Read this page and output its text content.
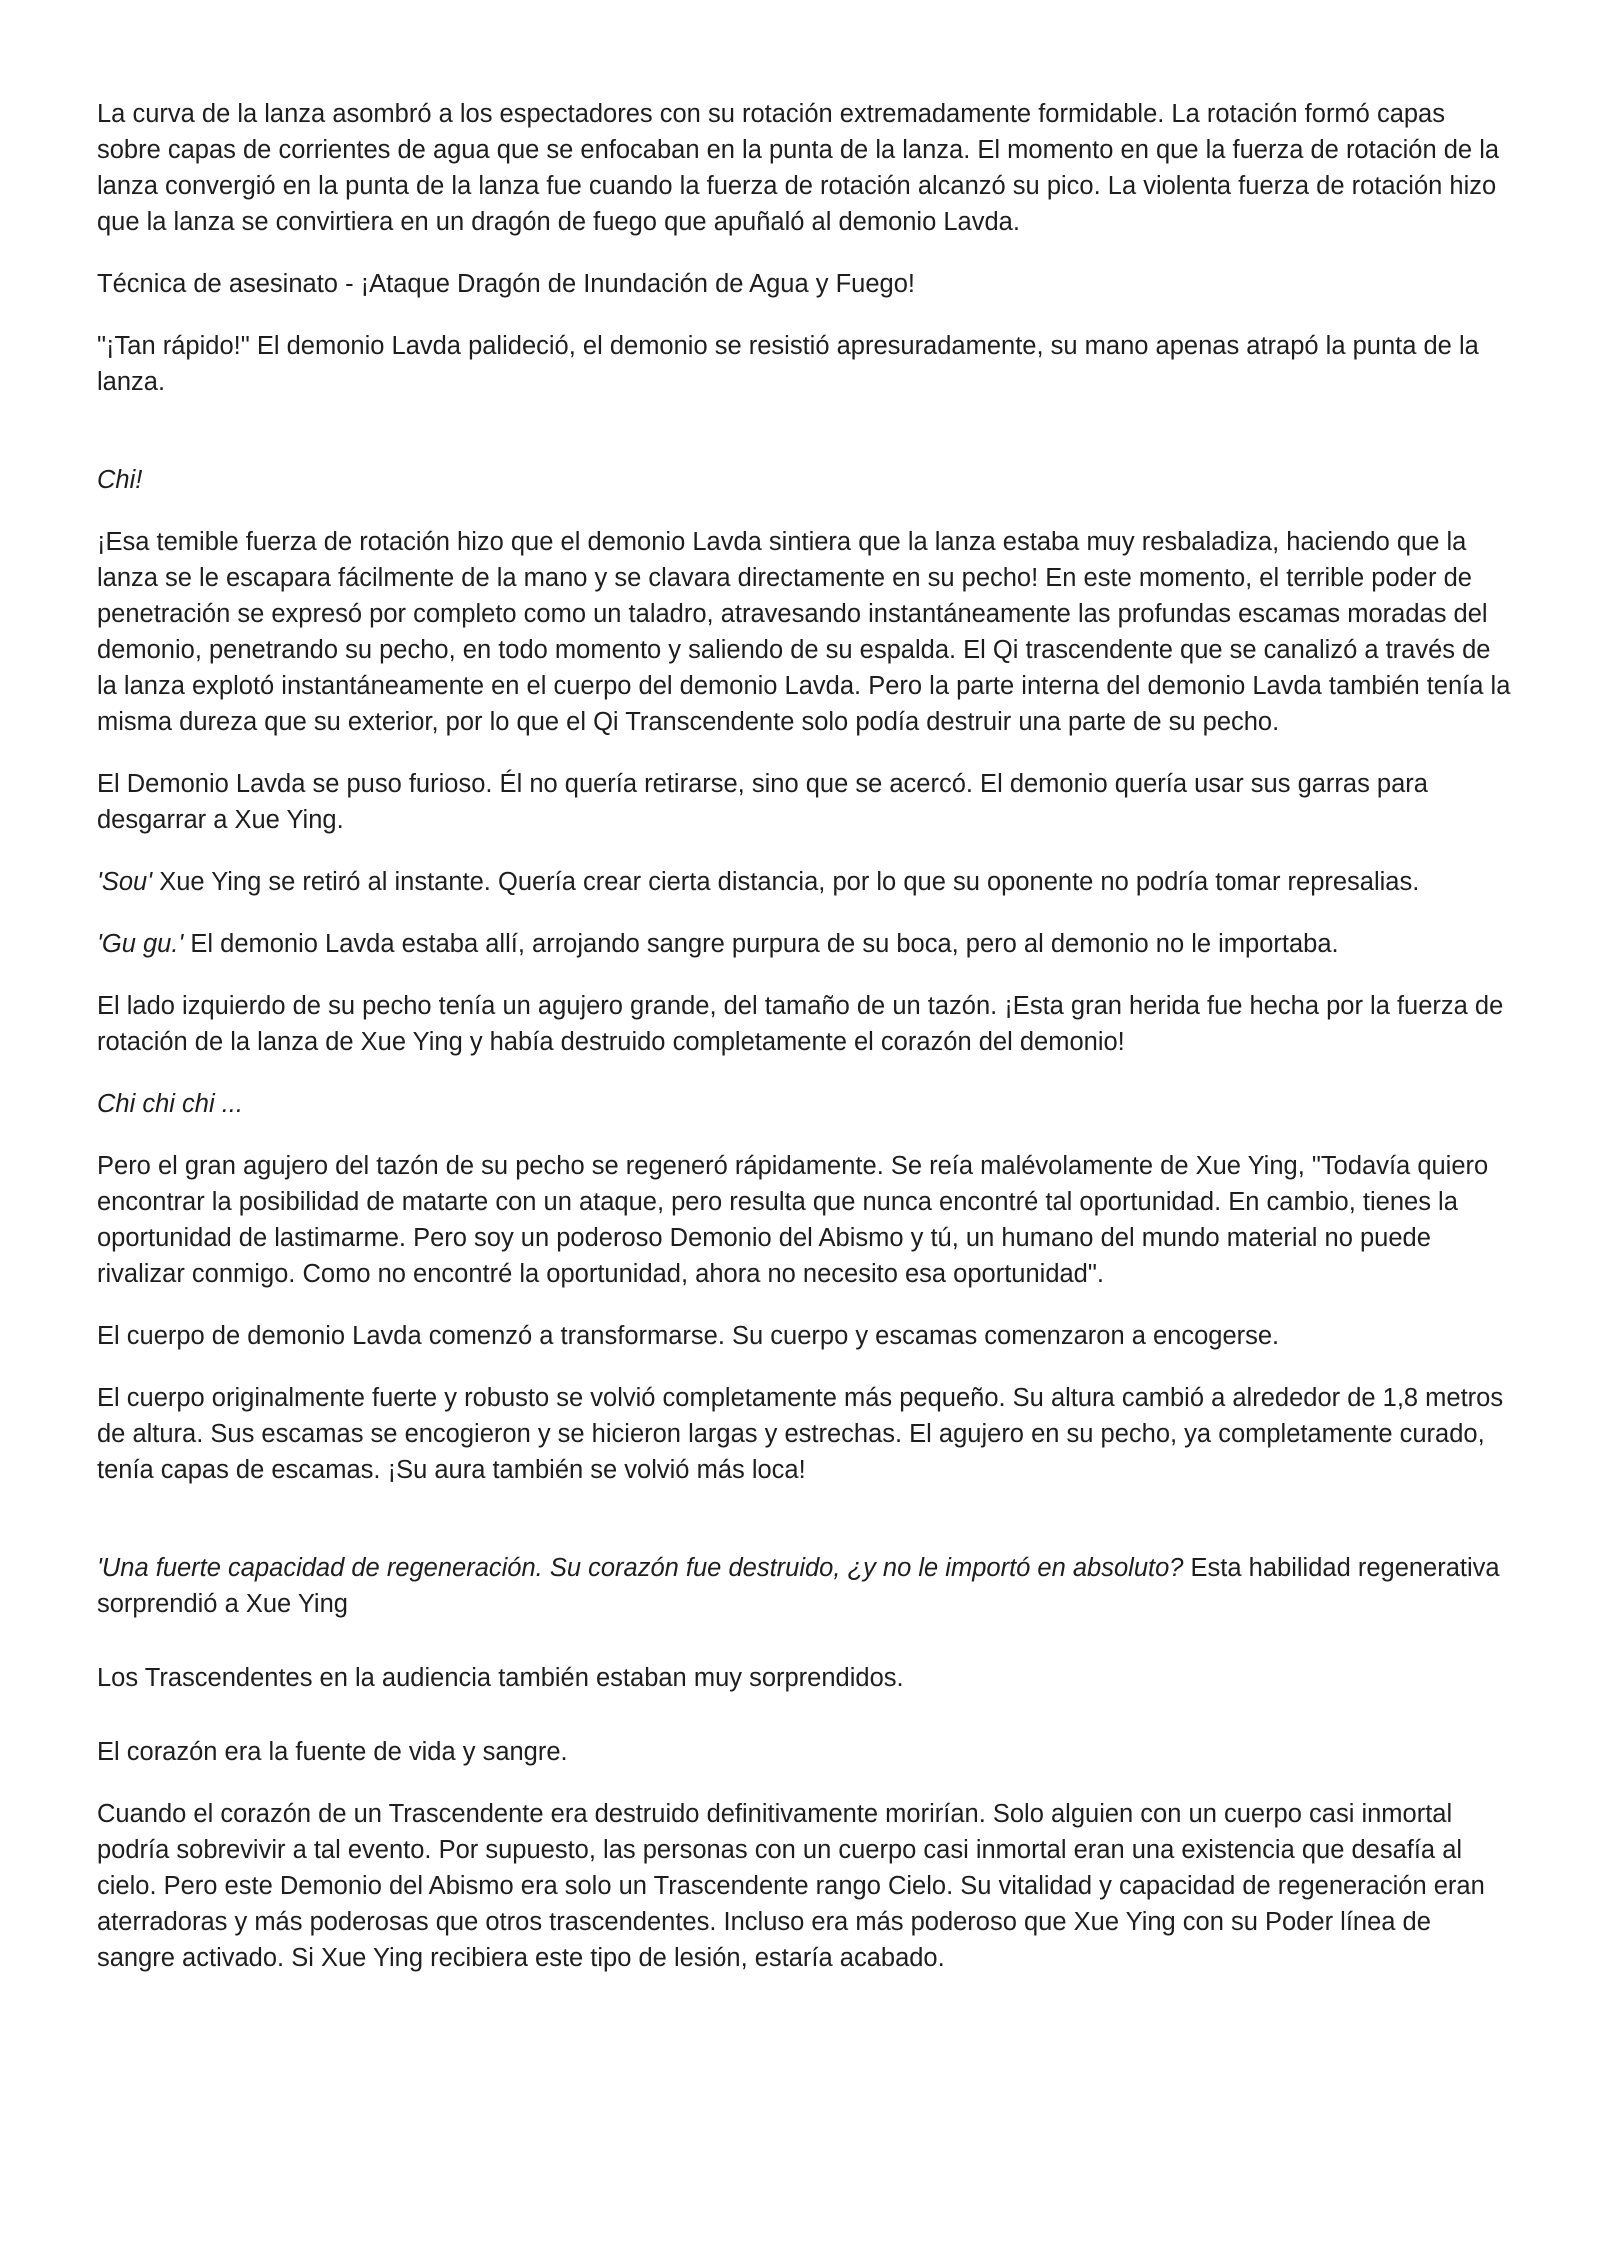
La curva de la lanza asombró a los espectadores con su rotación extremadamente formidable. La rotación formó capas sobre capas de corrientes de agua que se enfocaban en la punta de la lanza. El momento en que la fuerza de rotación de la lanza convergió en la punta de la lanza fue cuando la fuerza de rotación alcanzó su pico. La violenta fuerza de rotación hizo que la lanza se convirtiera en un dragón de fuego que apuñaló al demonio Lavda.

Técnica de asesinato - ¡Ataque Dragón de Inundación de Agua y Fuego!

"¡Tan rápido!" El demonio Lavda palideció, el demonio se resistió apresuradamente, su mano apenas atrapó la punta de la lanza.

Chi!

¡Esa temible fuerza de rotación hizo que el demonio Lavda sintiera que la lanza estaba muy resbaladiza, haciendo que la lanza se le escapara fácilmente de la mano y se clavara directamente en su pecho! En este momento, el terrible poder de penetración se expresó por completo como un taladro, atravesando instantáneamente las profundas escamas moradas del demonio, penetrando su pecho, en todo momento y saliendo de su espalda. El Qi trascendente que se canalizó a través de la lanza explotó instantáneamente en el cuerpo del demonio Lavda. Pero la parte interna del demonio Lavda también tenía la misma dureza que su exterior, por lo que el Qi Transcendente solo podía destruir una parte de su pecho.

El Demonio Lavda se puso furioso. Él no quería retirarse, sino que se acercó. El demonio quería usar sus garras para desgarrar a Xue Ying.

'Sou' Xue Ying se retiró al instante. Quería crear cierta distancia, por lo que su oponente no podría tomar represalias.

'Gu gu.' El demonio Lavda estaba allí, arrojando sangre purpura de su boca, pero al demonio no le importaba.

El lado izquierdo de su pecho tenía un agujero grande, del tamaño de un tazón. ¡Esta gran herida fue hecha por la fuerza de rotación de la lanza de Xue Ying y había destruido completamente el corazón del demonio!

Chi chi chi ...

Pero el gran agujero del tazón de su pecho se regeneró rápidamente. Se reía malévolamente de Xue Ying, "Todavía quiero encontrar la posibilidad de matarte con un ataque, pero resulta que nunca encontré tal oportunidad. En cambio, tienes la oportunidad de lastimarme. Pero soy un poderoso Demonio del Abismo y tú, un humano del mundo material no puede rivalizar conmigo. Como no encontré la oportunidad, ahora no necesito esa oportunidad".

El cuerpo de demonio Lavda comenzó a transformarse. Su cuerpo y escamas comenzaron a encogerse.

El cuerpo originalmente fuerte y robusto se volvió completamente más pequeño. Su altura cambió a alrededor de 1,8 metros de altura. Sus escamas se encogieron y se hicieron largas y estrechas. El agujero en su pecho, ya completamente curado, tenía capas de escamas. ¡Su aura también se volvió más loca!

'Una fuerte capacidad de regeneración. Su corazón fue destruido, ¿y no le importó en absoluto? Esta habilidad regenerativa sorprendió a Xue Ying

Los Trascendentes en la audiencia también estaban muy sorprendidos.

El corazón era la fuente de vida y sangre.

Cuando el corazón de un Trascendente era destruido definitivamente morirían. Solo alguien con un cuerpo casi inmortal podría sobrevivir a tal evento. Por supuesto, las personas con un cuerpo casi inmortal eran una existencia que desafía al cielo. Pero este Demonio del Abismo era solo un Trascendente rango Cielo. Su vitalidad y capacidad de regeneración eran aterradoras y más poderosas que otros trascendentes. Incluso era más poderoso que Xue Ying con su Poder línea de sangre activado. Si Xue Ying recibiera este tipo de lesión, estaría acabado.
